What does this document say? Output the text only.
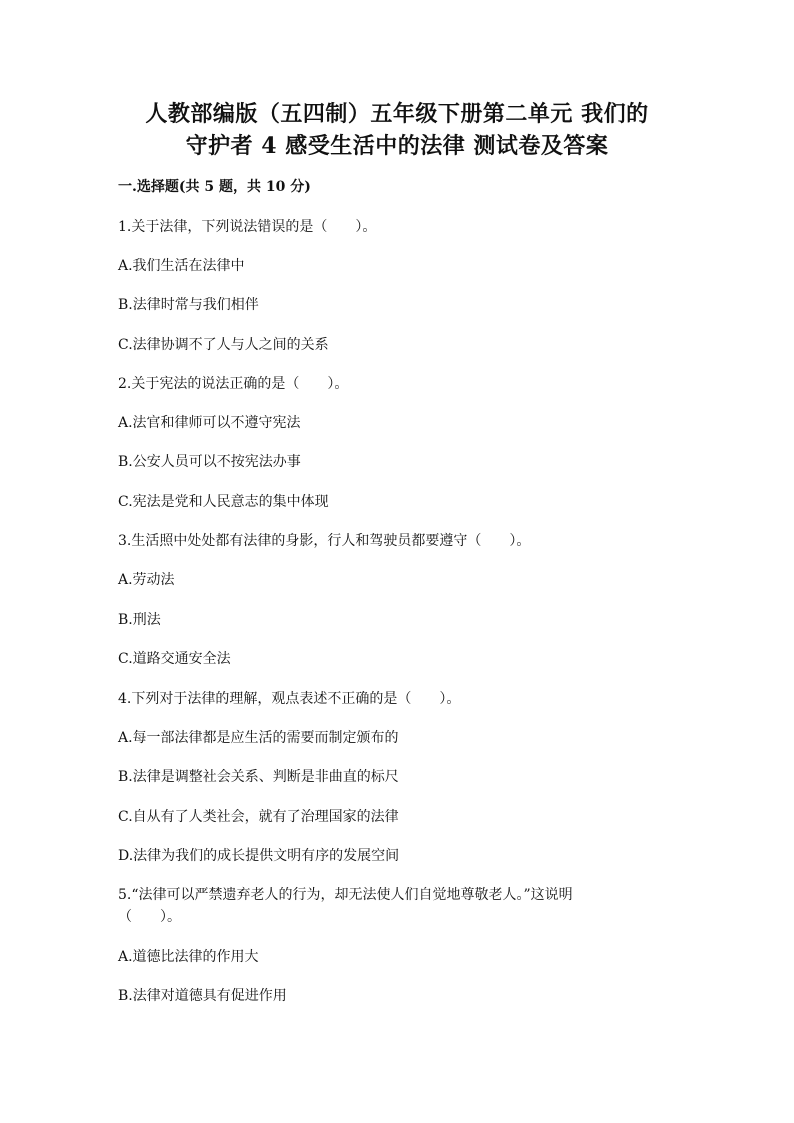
人教部编版（五四制）五年级下册第二单元 我们的
守护者 4 感受生活中的法律 测试卷及答案
一.选择题(共 5 题，共 10 分)
1.关于法律，下列说法错误的是（　　）。
A.我们生活在法律中
B.法律时常与我们相伴
C.法律协调不了人与人之间的关系
2.关于宪法的说法正确的是（　　）。
A.法官和律师可以不遵守宪法
B.公安人员可以不按宪法办事
C.宪法是党和人民意志的集中体现
3.生活照中处处都有法律的身影，行人和驾驶员都要遵守（　　）。
A.劳动法
B.刑法
C.道路交通安全法
4.下列对于法律的理解，观点表述不正确的是（　　）。
A.每一部法律都是应生活的需要而制定颁布的
B.法律是调整社会关系、判断是非曲直的标尺
C.自从有了人类社会，就有了治理国家的法律
D.法律为我们的成长提供文明有序的发展空间
5.“法律可以严禁遗弃老人的行为，却无法使人们自觉地尊敬老人。”这说明
（　　）。
A.道德比法律的作用大
B.法律对道德具有促进作用
